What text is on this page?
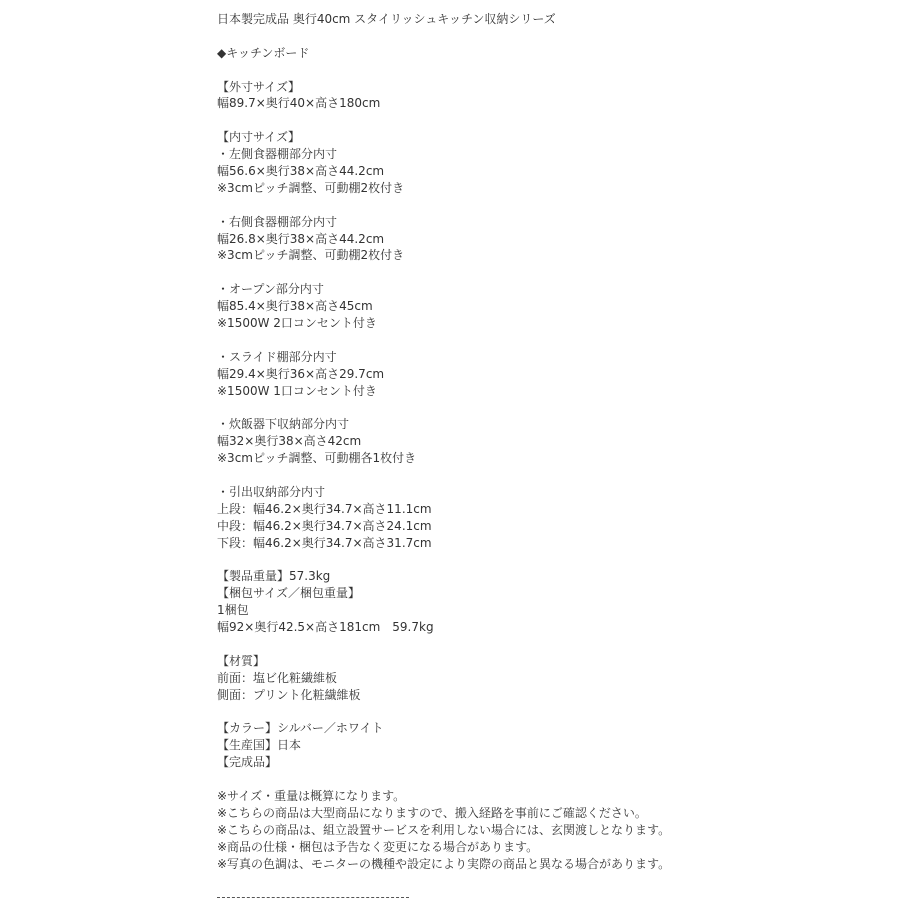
日本製完成品 奥行40cm スタイリッシュキッチン収納シリーズ
◆キッチンボード
【外寸サイズ】
幅89.7×奥行40×高さ180cm
【内寸サイズ】
・左側食器棚部分内寸
幅56.6×奥行38×高さ44.2cm
※3cmピッチ調整、可動棚2枚付き
・右側食器棚部分内寸
幅26.8×奥行38×高さ44.2cm
※3cmピッチ調整、可動棚2枚付き
・オープン部分内寸
幅85.4×奥行38×高さ45cm
※1500W 2口コンセント付き
・スライド棚部分内寸
幅29.4×奥行36×高さ29.7cm
※1500W 1口コンセント付き
・炊飯器下収納部分内寸
幅32×奥行38×高さ42cm
※3cmピッチ調整、可動棚各1枚付き
・引出収納部分内寸
上段：幅46.2×奥行34.7×高さ11.1cm
中段：幅46.2×奥行34.7×高さ24.1cm
下段：幅46.2×奥行34.7×高さ31.7cm
【製品重量】57.3kg
【梱包サイズ／梱包重量】
1梱包
幅92×奥行42.5×高さ181cm　59.7kg
【材質】
前面：塩ビ化粧繊維板
側面：プリント化粧繊維板
【カラー】シルバー／ホワイト
【生産国】日本
【完成品】
※サイズ・重量は概算になります。
※こちらの商品は大型商品になりますので、搬入経路を事前にご確認ください。
※こちらの商品は、組立設置サービスを利用しない場合には、玄関渡しとなります。
※商品の仕様・梱包は予告なく変更になる場合があります。
※写真の色調は、モニターの機種や設定により実際の商品と異なる場合があります。
